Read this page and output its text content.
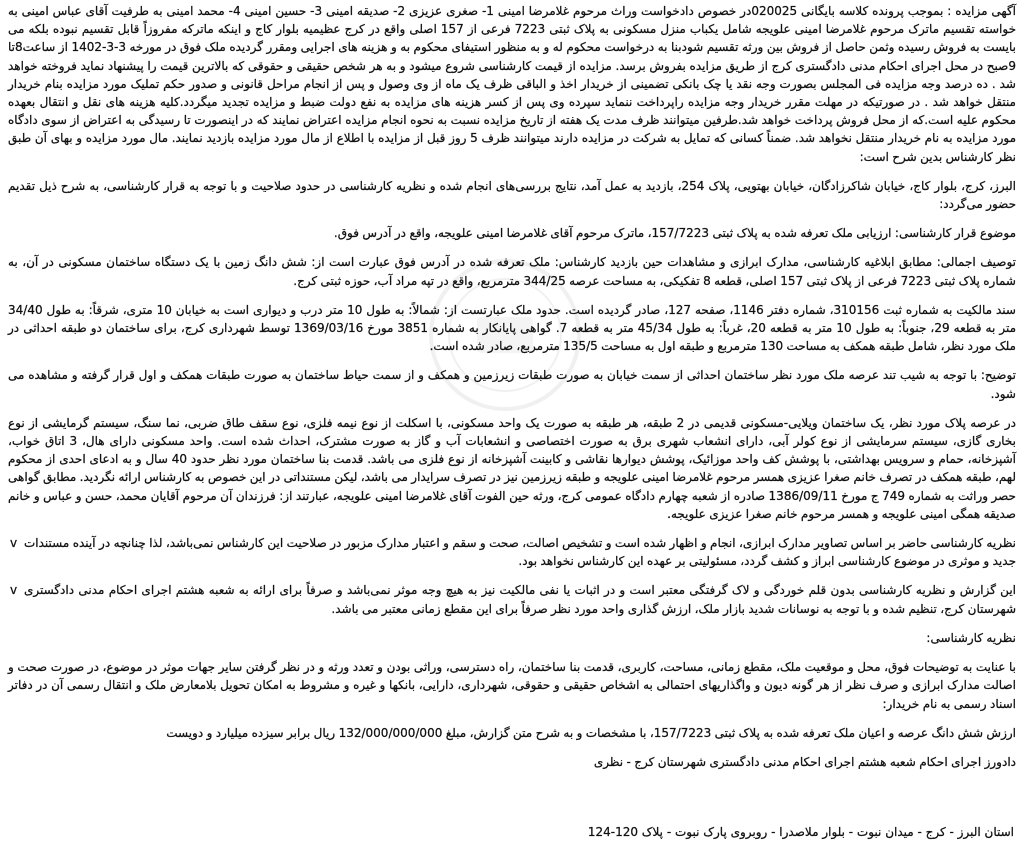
آگهی مزایده : بموجب پرونده کلاسه بایگانی 020025در خصوص دادخواست وراث مرحوم غلامرضا امینی 1- صغری عزیزی 2- صدیقه امینی 3- حسین امینی 4- محمد امینی به طرفیت آقای عباس امینی به خواسته تقسیم ماترک مرحوم غلامرضا امینی علویجه شامل یکباب منزل مسکونی به پلاک ثبتی 7223 فرعی از 157 اصلی واقع در کرج عظیمیه بلوار کاج و اینکه ماترکه مفروزاً قابل تقسیم نبوده بلکه می بایست به فروش رسیده وثمن حاصل از فروش بین ورثه تقسیم شودبنا به درخواست محکوم له و به منظور استیفای محکوم به و هزینه های اجرایی ومقرر گردیده ملک فوق در مورخه 3-3-1402 از ساعت8تا 9صبح در محل اجرای احکام مدنی دادگستری کرج از طریق مزایده بفروش برسد. مزایده از قیمت کارشناسی شروع میشود و به هر شخص حقیقی و حقوقی که بالاترین قیمت را پیشنهاد نماید فروخته خواهد شد . ده درصد وجه مزایده فی المجلس بصورت وجه نقد یا چک بانکی تضمینی از خریدار اخذ و الباقی ظرف یک ماه از وی وصول و پس از انجام مراحل قانونی و صدور حکم تملیک مورد مزایده بنام خریدار منتقل خواهد شد . در صورتیکه در مهلت مقرر خریدار وجه مزایده راپرداخت ننماید سپرده وی پس از کسر هزینه های مزایده به نفع دولت ضبط و مزایده تجدید میگردد.کلیه هزینه های نقل و انتقال بعهده محکوم علیه است.که از محل فروش پرداخت خواهد شد.طرفین میتوانند ظرف مدت یک هفته از تاریخ مزایده نسبت به نحوه انجام مزایده اعتراض نمایند که در اینصورت تا رسیدگی به اعتراض از سوی دادگاه مورد مزایده به نام خریدار منتقل نخواهد شد. ضمناً کسانی که تمایل به شرکت در مزایده دارند میتوانند ظرف 5 روز قبل از مزایده با اطلاع از مال مورد مزایده بازدید نمایند. مال مورد مزایده و بهای آن طبق نظر کارشناس بدین شرح است:

البرز، کرج، بلوار کاج، خیابان شاکرزادگان، خیابان بهتویی، پلاک 254، بازدید به عمل آمد، نتایج بررسی‌های انجام شده و نظریه کارشناسی در حدود صلاحیت و با توجه به قرار کارشناسی، به شرح ذیل تقدیم حضور می‌گردد:

موضوع قرار کارشناسی: ارزیابی ملک تعرفه شده به پلاک ثبتی 157/7223، ماترک مرحوم آقای غلامرضا امینی علویجه، واقع در آدرس فوق.

توصیف اجمالی: مطابق ابلاغیه کارشناسی، مدارک ابرازی و مشاهدات حین بازدید کارشناس: ملک تعرفه شده در آدرس فوق عبارت است از: شش دانگ زمین با یک دستگاه ساختمان مسکونی در آن، به شماره پلاک ثبتی 7223 فرعی از پلاک ثبتی 157 اصلی، قطعه 8 تفکیکی، به مساحت عرصه 344/25 مترمربع، واقع در تپه مراد آب، حوزه ثبتی کرج.

سند مالکیت به شماره ثبت 310156، شماره دفتر 1146، صفحه 127، صادر گردیده است. حدود ملک عبارتست از: شمالاً: به طول 10 متر درب و دیواری است به خیابان 10 متری، شرقاً: به طول 34/40 متر به قطعه 29، جنوباً: به طول 10 متر به قطعه 20، غرباً: به طول 45/34 متر به قطعه 7. گواهی پایانکار به شماره 3851 مورخ 1369/03/16 توسط شهرداری کرج، برای ساختمان دو طبقه احداثی در ملک مورد نظر، شامل طبقه همکف به مساحت 130 مترمربع و طبقه اول به مساحت 135/5 مترمربع، صادر شده است.

توضیح: با توجه به شیب تند عرصه ملک مورد نظر ساختمان احداثی از سمت خیابان به صورت طبقات زیرزمین و همکف و از سمت حیاط ساختمان به صورت طبقات همکف و اول قرار گرفته و مشاهده می شود.

در عرصه پلاک مورد نظر، یک ساختمان ویلایی-مسکونی قدیمی در 2 طبقه، هر طبقه به صورت یک واحد مسکونی، با اسکلت از نوع نیمه فلزی، نوع سقف طاق ضربی، نما سنگ، سیستم گرمایشی از نوع بخاری گازی، سیستم سرمایشی از نوع کولر آبی، دارای انشعاب شهری برق به صورت اختصاصی و انشعابات آب و گاز به صورت مشترک، احداث شده است. واحد مسکونی دارای هال، 3 اتاق خواب، آشپزخانه، حمام و سرویس بهداشتی، با پوشش کف واحد موزائیک، پوشش دیوارها نقاشی و کابینت آشپزخانه از نوع فلزی می باشد. قدمت بنا ساختمان مورد نظر حدود 40 سال و به ادعای احدی از محکوم لهم، طبقه همکف در تصرف خانم صغرا عزیزی همسر مرحوم غلامرضا امینی علویجه و طبقه زیرزمین نیز در تصرف سرایدار می باشد، لیکن مستنداتی در این خصوص به کارشناس ارائه نگردید. مطابق گواهی حصر وراثت به شماره 749 ج مورخ 1386/09/11 صادره از شعبه چهارم دادگاه عمومی کرج، ورثه حین الفوت آقای غلامرضا امینی علویجه، عبارتند از: فرزندان آن مرحوم آقایان محمد، حسن و عباس و خانم صدیقه همگی امینی علویجه و همسر مرحوم خانم صغرا عزیزی علویجه.

نظریه کارشناسی حاضر بر اساس تصاویر مدارک ابرازی، انجام و اظهار شده است و تشخیص اصالت، صحت و سقم و اعتبار مدارک مزبور در صلاحیت این کارشناس نمی‌باشد، لذا چنانچه در آینده مستندات جدید و موثری در موضوع کارشناسی ابراز و کشف گردد، مسئولیتی بر عهده این کارشناس نخواهد بود.
v

این گزارش و نظریه کارشناسی بدون قلم خوردگی و لاک گرفتگی معتبر است و در اثبات یا نفی مالکیت نیز به هیچ وجه موثر نمی‌باشد و صرفاً برای ارائه به شعبه هشتم اجرای احکام مدنی دادگستری شهرستان کرج، تنظیم شده و با توجه به نوسانات شدید بازار ملک، ارزش گذاری واحد مورد نظر صرفاً برای این مقطع زمانی معتبر می باشد.
v

نظریه کارشناسی:

با عنایت به توضیحات فوق، محل و موقعیت ملک، مقطع زمانی، مساحت، کاربری، قدمت بنا ساختمان، راه دسترسی، وراثی بودن و تعدد ورثه و در نظر گرفتن سایر جهات موثر در موضوع، در صورت صحت و اصالت مدارک ابرازی و صرف نظر از هر گونه دیون و واگذاریهای احتمالی به اشخاص حقیقی و حقوقی، شهرداری، دارایی، بانکها و غیره و مشروط به امکان تحویل بلامعارض ملک و انتقال رسمی آن در دفاتر اسناد رسمی به نام خریدار:

ارزش شش دانگ عرصه و اعیان ملک تعرفه شده به پلاک ثبتی 157/7223، با مشخصات و به شرح متن گزارش، مبلغ 132/000/000/000 ریال برابر سیزده میلیارد و دویست

دادورز اجرای احکام شعبه هشتم اجرای احکام مدنی دادگستری شهرستان کرج - نظری

استان البرز - کرج - میدان نبوت - بلوار ملاصدرا - روبروی پارک نبوت - پلاک 120-124
